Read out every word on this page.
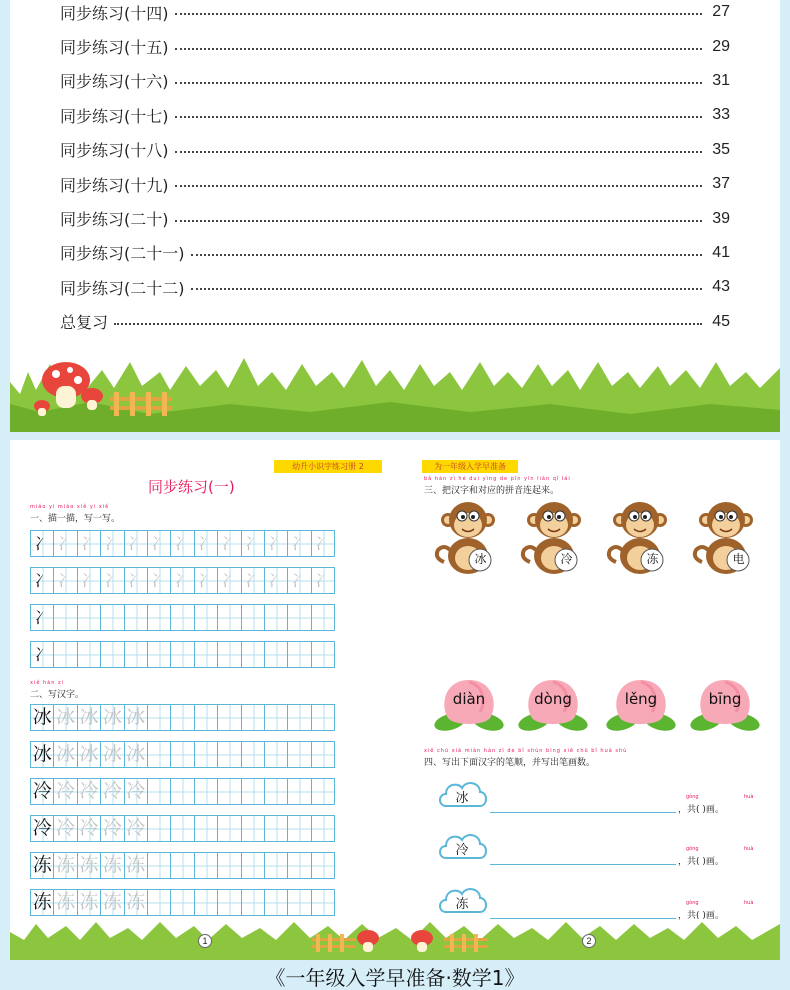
同步练习(十四)	27
同步练习(十五)	29
同步练习(十六)	31
同步练习(十七)	33
同步练习(十八)	35
同步练习(十九)	37
同步练习(二十)	39
同步练习(二十一)	41
同步练习(二十二)	43
总复习	45
幼升小识字练习册 2	为一年级入学早准备
同步练习(一)
miáo yi miáo xiě yi xiě
一、描一描，写一写。
冫 冫 冫 冫 冫 冫 冫 冫 冫 冫 冫 冫 冫
冫 冫 冫 冫 冫 冫 冫 冫 冫 冫 冫 冫 冫
冫
冫
xiě hàn zì
二、写汉字。
冰 冰 冰 冰 冰
冰 冰 冰 冰 冰
冷 冷 冷 冷 冷
冷 冷 冷 冷 冷
冻 冻 冻 冻 冻
冻 冻 冻 冻 冻
bǎ hàn zì hé duì yìng de pīn yīn lián qǐ lái
三、把汉字和对应的拼音连起来。
冰	冷	冻	电
diàn	dòng	lěng	bīng
xiě chū xià miàn hàn zì de bǐ shùn bìng xiě chū bǐ huà shù
四、写出下面汉字的笔顺，并写出笔画数。
冰	gòng	huà
，共( )画。
冷	gòng	huà
，共( )画。
冻	gòng	huà
，共( )画。
1	2
《一年级入学早准备·数学1》
